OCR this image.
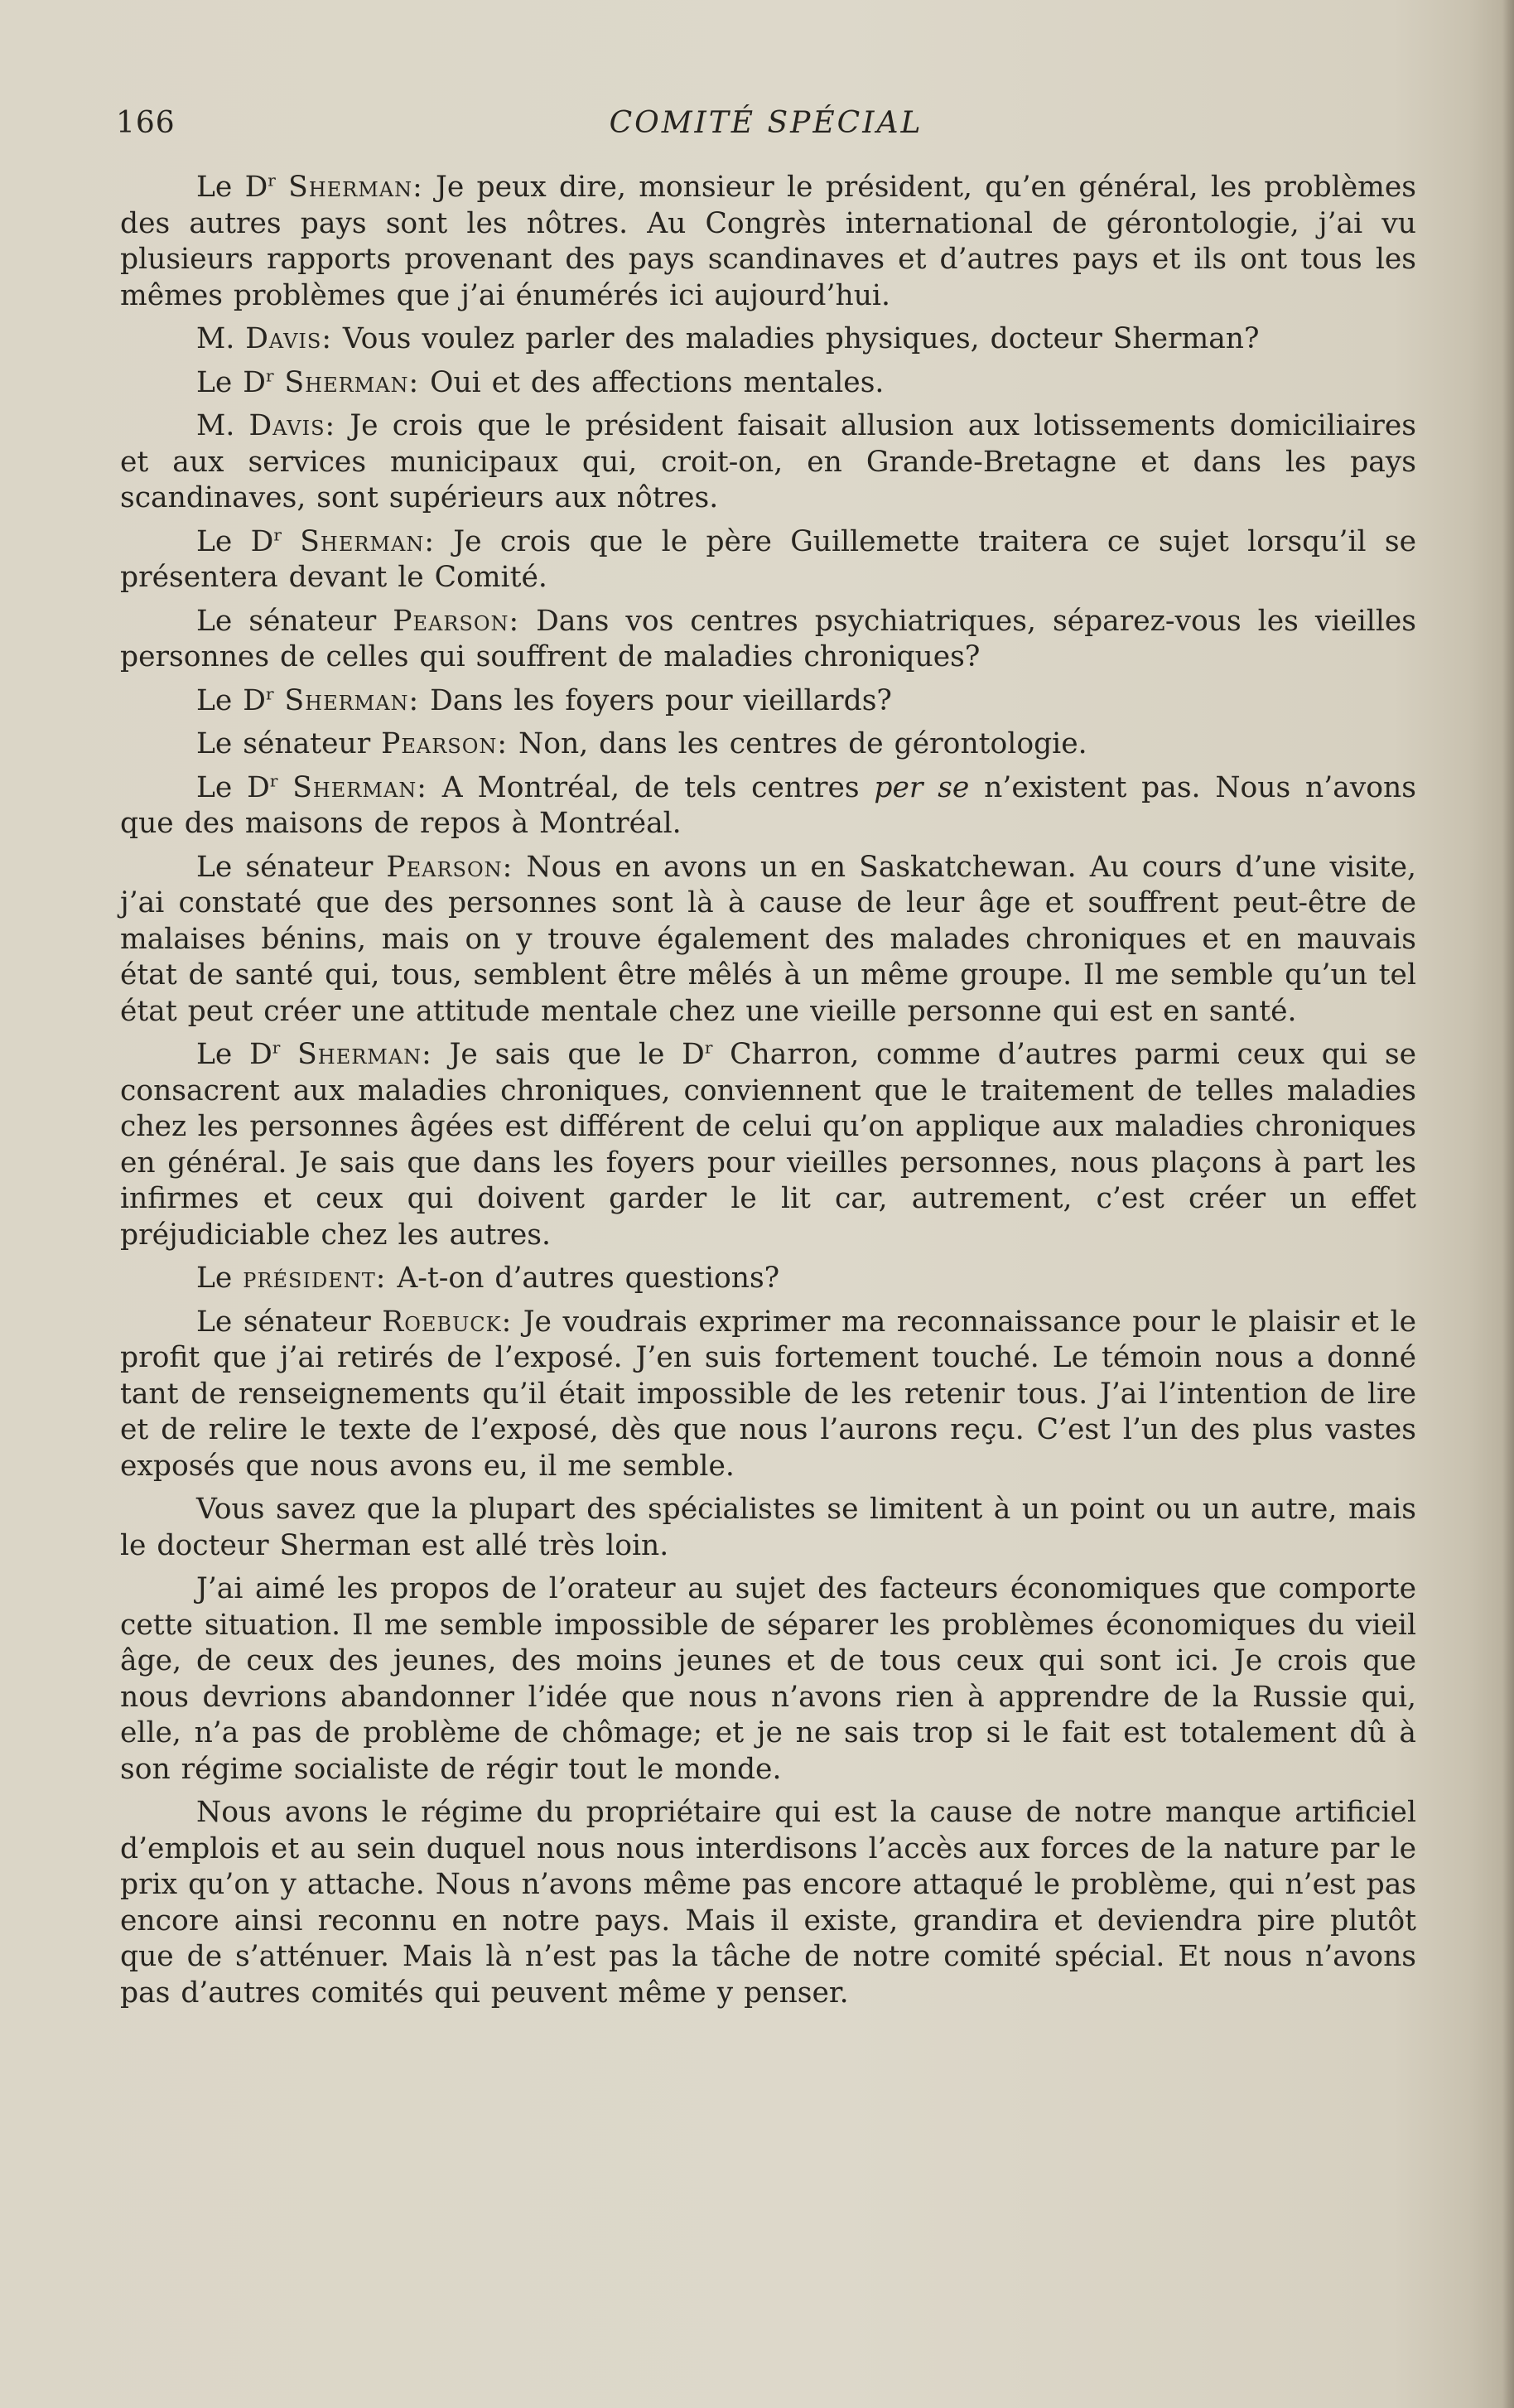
166	COMITÉ SPÉCIAL

Le $D^r$ Sherman: Je peux dire, monsieur le président, qu’en général, les problèmes des autres pays sont les nôtres. Au Congrès international de gérontologie, j’ai vu plusieurs rapports provenant des pays scandinaves et d’autres pays et ils ont tous les mêmes problèmes que j’ai énumérés ici aujourd’hui.

M. Davis: Vous voulez parler des maladies physiques, docteur Sherman?

Le $D^r$ Sherman: Oui et des affections mentales.

M. Davis: Je crois que le président faisait allusion aux lotissements domiciliaires et aux services municipaux qui, croit-on, en Grande-Bretagne et dans les pays scandinaves, sont supérieurs aux nôtres.

Le $D^r$ Sherman: Je crois que le père Guillemette traitera ce sujet lorsqu’il se présentera devant le Comité.

Le sénateur Pearson: Dans vos centres psychiatriques, séparez-vous les vieilles personnes de celles qui souffrent de maladies chroniques?

Le $D^r$ Sherman: Dans les foyers pour vieillards?

Le sénateur Pearson: Non, dans les centres de gérontologie.

Le $D^r$ Sherman: A Montréal, de tels centres per se n’existent pas. Nous n’avons que des maisons de repos à Montréal.

Le sénateur Pearson: Nous en avons un en Saskatchewan. Au cours d’une visite, j’ai constaté que des personnes sont là à cause de leur âge et souffrent peut-être de malaises bénins, mais on y trouve également des malades chroniques et en mauvais état de santé qui, tous, semblent être mêlés à un même groupe. Il me semble qu’un tel état peut créer une attitude mentale chez une vieille personne qui est en santé.

Le $D^r$ Sherman: Je sais que le $D^r$ Charron, comme d’autres parmi ceux qui se consacrent aux maladies chroniques, conviennent que le traitement de telles maladies chez les personnes âgées est différent de celui qu’on applique aux maladies chroniques en général. Je sais que dans les foyers pour vieilles personnes, nous plaçons à part les infirmes et ceux qui doivent garder le lit car, autrement, c’est créer un effet préjudiciable chez les autres.

Le président: A-t-on d’autres questions?

Le sénateur Roebuck: Je voudrais exprimer ma reconnaissance pour le plaisir et le profit que j’ai retirés de l’exposé. J’en suis fortement touché. Le témoin nous a donné tant de renseignements qu’il était impossible de les retenir tous. J’ai l’intention de lire et de relire le texte de l’exposé, dès que nous l’aurons reçu. C’est l’un des plus vastes exposés que nous avons eu, il me semble.

Vous savez que la plupart des spécialistes se limitent à un point ou un autre, mais le docteur Sherman est allé très loin.

J’ai aimé les propos de l’orateur au sujet des facteurs économiques que comporte cette situation. Il me semble impossible de séparer les problèmes économiques du vieil âge, de ceux des jeunes, des moins jeunes et de tous ceux qui sont ici. Je crois que nous devrions abandonner l’idée que nous n’avons rien à apprendre de la Russie qui, elle, n’a pas de problème de chômage; et je ne sais trop si le fait est totalement dû à son régime socialiste de régir tout le monde.

Nous avons le régime du propriétaire qui est la cause de notre manque artificiel d’emplois et au sein duquel nous nous interdisons l’accès aux forces de la nature par le prix qu’on y attache. Nous n’avons même pas encore attaqué le problème, qui n’est pas encore ainsi reconnu en notre pays. Mais il existe, grandira et deviendra pire plutôt que de s’atténuer. Mais là n’est pas la tâche de notre comité spécial. Et nous n’avons pas d’autres comités qui peuvent même y penser.
